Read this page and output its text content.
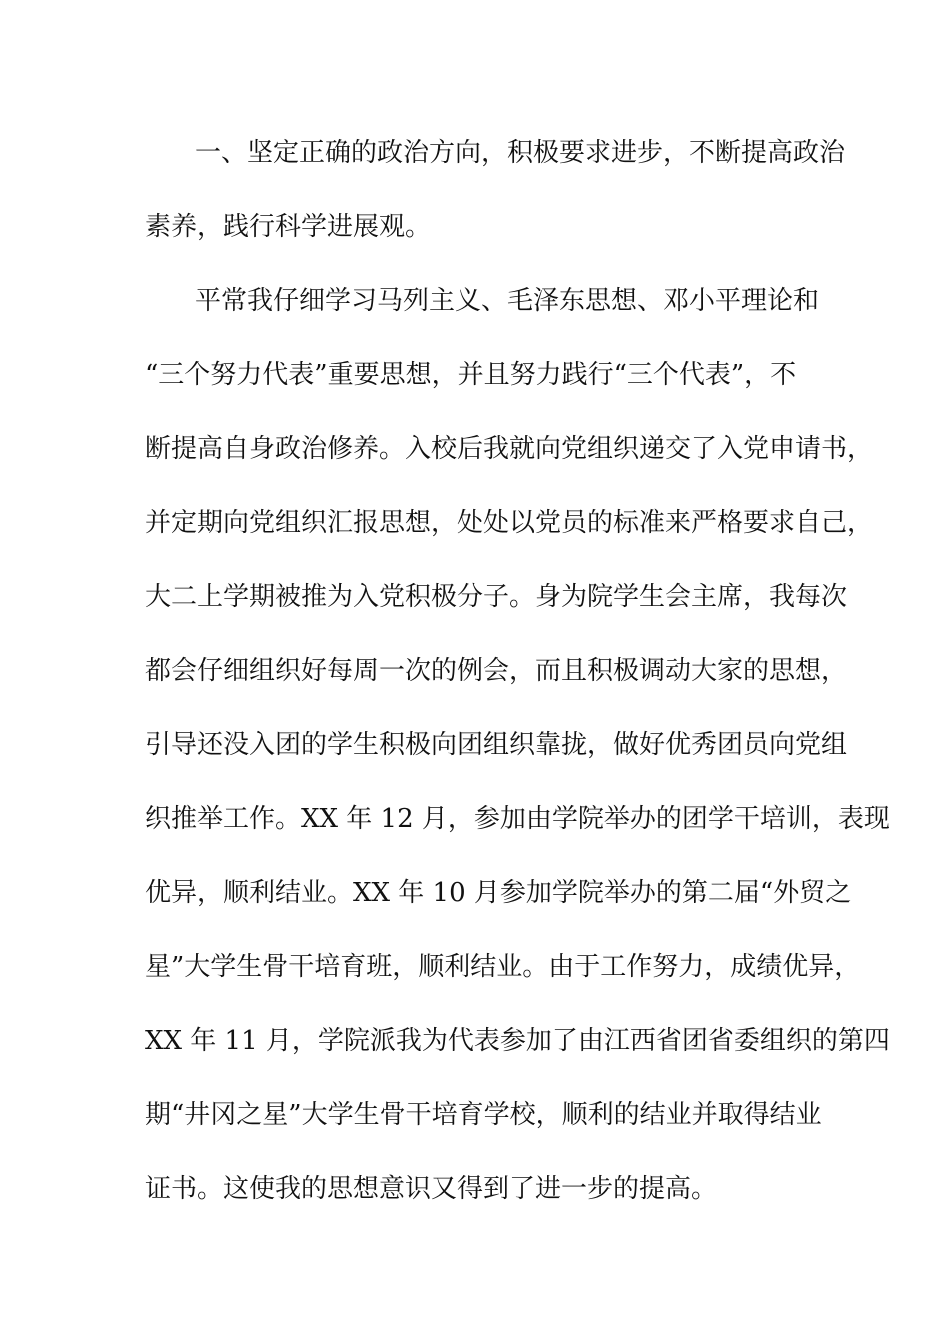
一、坚定正确的政治方向，积极要求进步，不断提高政治
素养，践行科学进展观。
平常我仔细学习马列主义、毛泽东思想、邓小平理论和
“三个努力代表”重要思想，并且努力践行“三个代表”，不
断提高自身政治修养。入校后我就向党组织递交了入党申请书，
并定期向党组织汇报思想，处处以党员的标准来严格要求自己，
大二上学期被推为入党积极分子。身为院学生会主席，我每次
都会仔细组织好每周一次的例会，而且积极调动大家的思想，
引导还没入团的学生积极向团组织靠拢，做好优秀团员向党组
织推举工作。XX 年 12 月，参加由学院举办的团学干培训，表现
优异，顺利结业。XX 年 10 月参加学院举办的第二届“外贸之
星”大学生骨干培育班，顺利结业。由于工作努力，成绩优异，
XX 年 11 月，学院派我为代表参加了由江西省团省委组织的第四
期“井冈之星”大学生骨干培育学校，顺利的结业并取得结业
证书。这使我的思想意识又得到了进一步的提高。
